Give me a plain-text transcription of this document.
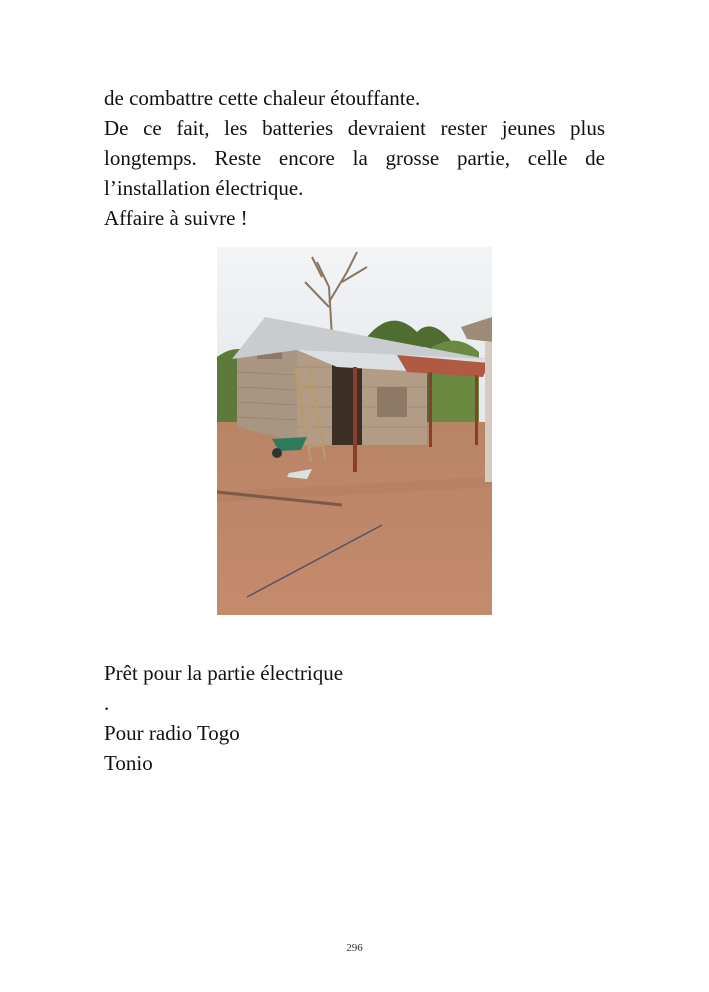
de combattre cette chaleur étouffante.
De ce fait, les batteries devraient rester jeunes plus
longtemps. Reste encore la grosse partie, celle de
l’installation électrique.
Affaire à suivre !
Prêt pour la partie électrique
.
Pour radio Togo
Tonio
296
